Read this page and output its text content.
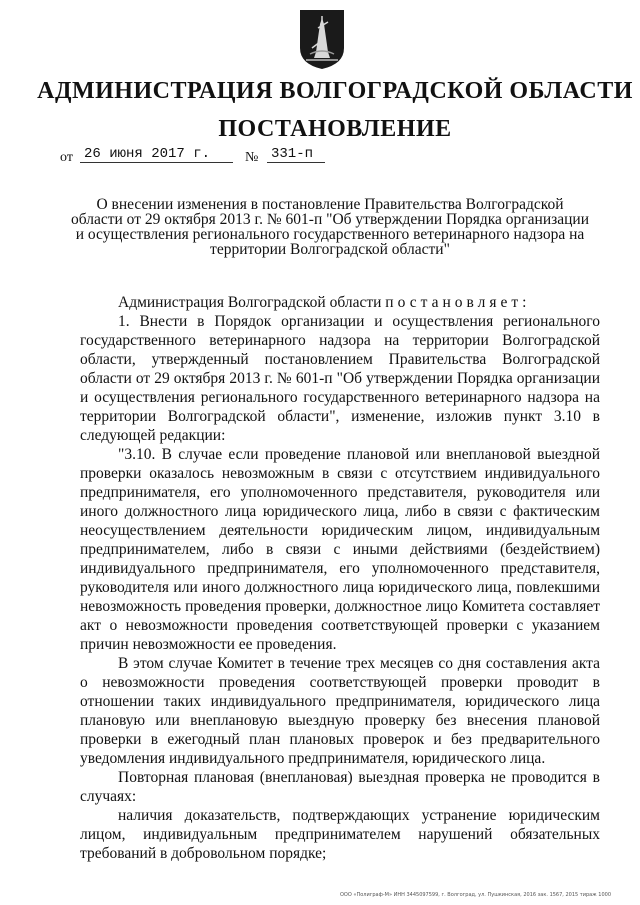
АДМИНИСТРАЦИЯ ВОЛГОГРАДСКОЙ ОБЛАСТИ
ПОСТАНОВЛЕНИЕ
от 26 июня 2017 г.	№ 331-п
О внесении изменения в постановление Правительства Волгоградской области от 29 октября 2013 г. № 601-п "Об утверждении Порядка организации и осуществления регионального государственного ветеринарного надзора на территории Волгоградской области"

Администрация Волгоградской области постановляет:

1. Внести в Порядок организации и осуществления регионального государственного ветеринарного надзора на территории Волгоградской области, утвержденный постановлением Правительства Волгоградской области от 29 октября 2013 г. № 601-п "Об утверждении Порядка организации и осуществления регионального государственного ветеринарного надзора на территории Волгоградской области", изменение, изложив пункт 3.10 в следующей редакции:

"3.10. В случае если проведение плановой или внеплановой выездной проверки оказалось невозможным в связи с отсутствием индивидуального предпринимателя, его уполномоченного представителя, руководителя или иного должностного лица юридического лица, либо в связи с фактическим неосуществлением деятельности юридическим лицом, индивидуальным предпринимателем, либо в связи с иными действиями (бездействием) индивидуального предпринимателя, его уполномоченного представителя, руководителя или иного должностного лица юридического лица, повлекшими невозможность проведения проверки, должностное лицо Комитета составляет акт о невозможности проведения соответствующей проверки с указанием причин невозможности ее проведения.

В этом случае Комитет в течение трех месяцев со дня составления акта о невозможности проведения соответствующей проверки проводит в отношении таких индивидуального предпринимателя, юридического лица плановую или внеплановую выездную проверку без внесения плановой проверки в ежегодный план плановых проверок и без предварительного уведомления индивидуального предпринимателя, юридического лица.

Повторная плановая (внеплановая) выездная проверка не проводится в случаях:

наличия доказательств, подтверждающих устранение юридическим лицом, индивидуальным предпринимателем нарушений обязательных требований в добровольном порядке;

ООО «Полиграф-М» ИНН 3445097599, г. Волгоград, ул. Пушкинская, 2016 зак. 1567, 2015 тираж 1000
